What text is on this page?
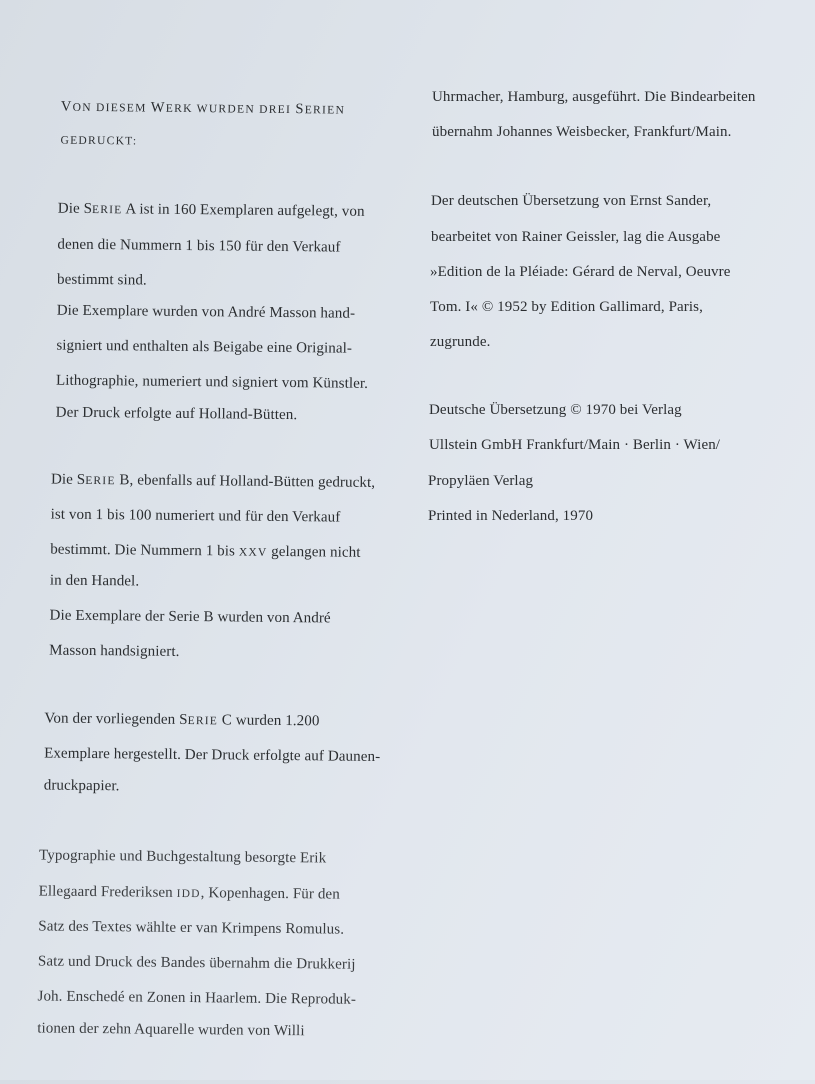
VON DIESEM WERK WURDEN DREI SERIEN
GEDRUCKT:
Die SERIE A ist in 160 Exemplaren aufgelegt, von
denen die Nummern 1 bis 150 für den Verkauf
bestimmt sind.
Die Exemplare wurden von André Masson hand-
signiert und enthalten als Beigabe eine Original-
Lithographie, numeriert und signiert vom Künstler.
Der Druck erfolgte auf Holland-Bütten.
Die SERIE B, ebenfalls auf Holland-Bütten gedruckt,
ist von 1 bis 100 numeriert und für den Verkauf
bestimmt. Die Nummern 1 bis XXV gelangen nicht
in den Handel.
Die Exemplare der Serie B wurden von André
Masson handsigniert.
Von der vorliegenden SERIE C wurden 1.200
Exemplare hergestellt. Der Druck erfolgte auf Daunen-
druckpapier.
Typographie und Buchgestaltung besorgte Erik
Ellegaard Frederiksen IDD, Kopenhagen. Für den
Satz des Textes wählte er van Krimpens Romulus.
Satz und Druck des Bandes übernahm die Drukkerij
Joh. Enschedé en Zonen in Haarlem. Die Reproduk-
tionen der zehn Aquarelle wurden von Willi
Uhrmacher, Hamburg, ausgeführt. Die Bindearbeiten
übernahm Johannes Weisbecker, Frankfurt/Main.
Der deutschen Übersetzung von Ernst Sander,
bearbeitet von Rainer Geissler, lag die Ausgabe
»Edition de la Pléiade: Gérard de Nerval, Oeuvre
Tom. I« © 1952 by Edition Gallimard, Paris,
zugrunde.
Deutsche Übersetzung © 1970 bei Verlag
Ullstein GmbH Frankfurt/Main · Berlin · Wien/
Propyläen Verlag
Printed in Nederland, 1970
